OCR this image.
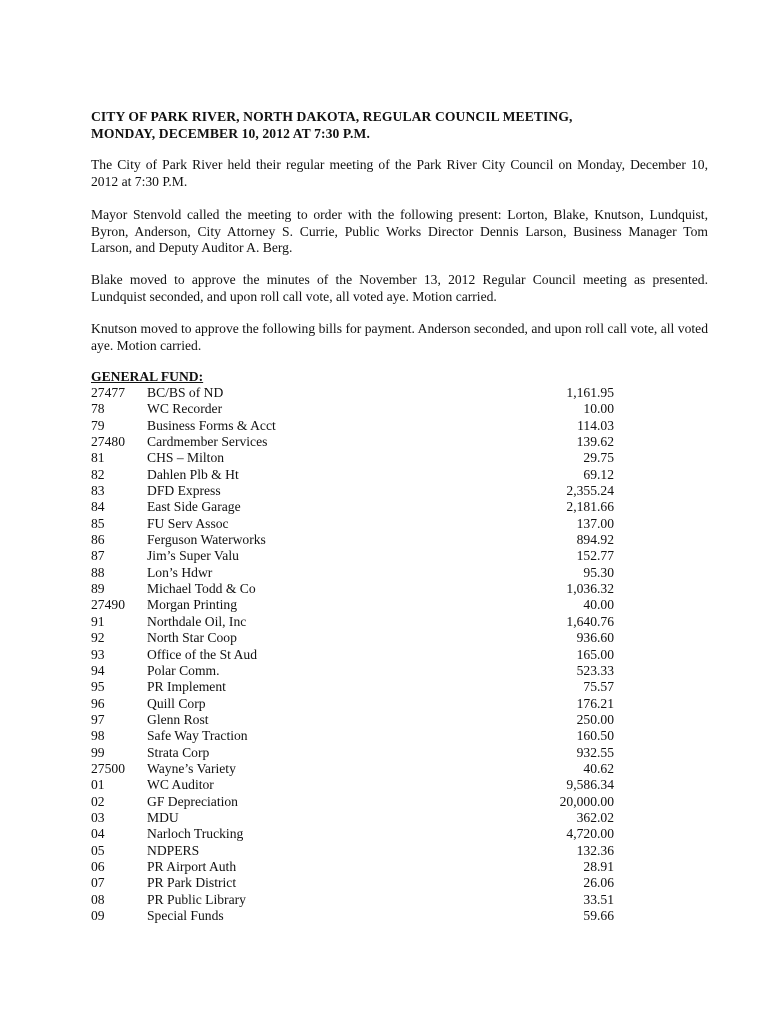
CITY OF PARK RIVER, NORTH DAKOTA, REGULAR COUNCIL MEETING,
MONDAY, DECEMBER 10, 2012 AT 7:30 P.M.
The City of Park River held their regular meeting of the Park River City Council on Monday, December 10, 2012 at 7:30 P.M.
Mayor Stenvold called the meeting to order with the following present: Lorton, Blake, Knutson, Lundquist, Byron, Anderson, City Attorney S. Currie, Public Works Director Dennis Larson, Business Manager Tom Larson, and Deputy Auditor A. Berg.
Blake moved to approve the minutes of the November 13, 2012 Regular Council meeting as presented. Lundquist seconded, and upon roll call vote, all voted aye. Motion carried.
Knutson moved to approve the following bills for payment. Anderson seconded, and upon roll call vote, all voted aye. Motion carried.
GENERAL FUND:
27477 BC/BS of ND	1,161.95
78	WC Recorder	10.00
79	Business Forms & Acct	114.03
27480 Cardmember Services	139.62
81	CHS – Milton	29.75
82	Dahlen Plb & Ht	69.12
83	DFD Express	2,355.24
84	East Side Garage	2,181.66
85	FU Serv Assoc	137.00
86	Ferguson Waterworks	894.92
87	Jim’s Super Valu	152.77
88	Lon’s Hdwr	95.30
89	Michael Todd & Co	1,036.32
27490 Morgan Printing	40.00
91	Northdale Oil, Inc	1,640.76
92	North Star Coop	936.60
93	Office of the St Aud	165.00
94	Polar Comm.	523.33
95	PR Implement	75.57
96	Quill Corp	176.21
97	Glenn Rost	250.00
98	Safe Way Traction	160.50
99	Strata Corp	932.55
27500 Wayne’s Variety	40.62
01	WC Auditor	9,586.34
02	GF Depreciation	20,000.00
03	MDU	362.02
04	Narloch Trucking	4,720.00
05	NDPERS	132.36
06	PR Airport Auth	28.91
07	PR Park District	26.06
08	PR Public Library	33.51
09	Special Funds	59.66
